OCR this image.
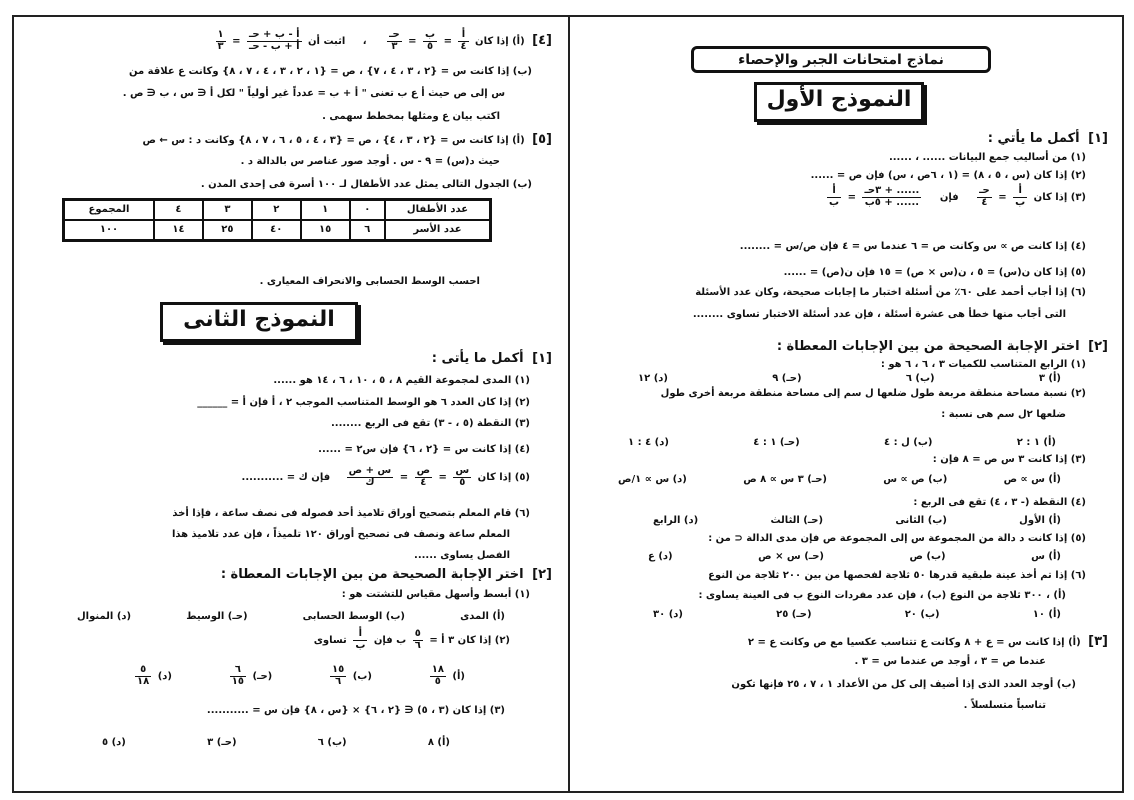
نماذج امتحانات الجبر والإحصاء
النموذج الأول
[١] أكمل ما يأتي :
(١) من أساليب جمع البيانات ...... ، ......
(٢) إذا كان (س ، ٥ ، ٨) = (١ ، ٦ص ، س) فإن ص = ......
(٣) إذا كان
$\frac{\text{أ}}{\text{ب}}$
=
$\frac{\text{حـ}}{٤}$
فإن
$\frac{\text{...... + ٣حـ}}{\text{...... + ٥ب}}$
=
$\frac{\text{أ}}{\text{ب}}$
(٤) إذا كانت ص ∝ س وكانت ص = ٦ عندما س = ٤ فإن ص/س = ........
(٥) إذا كان ن(س) = ٥ ، ن(س × ص) = ١٥ فإن ن(ص) = ......
(٦) إذا أجاب أحمد على ٦٠٪ من أسئلة اختبار ما إجابات صحيحة، وكان عدد الأسئلة
التى أجاب منها خطأ هى عشرة أسئلة ، فإن عدد أسئلة الاختبار تساوى ........
[٢] اختر الإجابة الصحيحة من بين الإجابات المعطاة :
(١) الرابع المتناسب للكميات ٣ ، ٦ ، ٦ هو :
(أ) ٣
(ب) ٦
(حـ) ٩
(د) ١٢
(٢) نسبة مساحة منطقة مربعة طول ضلعها ل سم إلى مساحة منطقة مربعة أخرى طول
ضلعها ٢ل سم هى نسبة :
(أ) ١ : ٢
(ب) ل : ٤
(حـ) ١ : ٤
(د) ٤ : ١
(٣) إذا كانت ٣ س ص = ٨ فإن :
(أ) س ∝ ص
(ب) ص ∝ س
(حـ) ٣ س ∝ ٨ ص
(د) س ∝ ١/ص
(٤) النقطة (- ٣ ، ٤) تقع فى الربع :
(أ) الأول
(ب) الثانى
(حـ) الثالث
(د) الرابع
(٥) إذا كانت د دالة من المجموعة س إلى المجموعة ص فإن مدى الدالة ⊂ من :
(أ) س
(ب) ص
(حـ) س × ص
(د) ع
(٦) إذا تم أخذ عينة طبقية قدرها ٥٠ ثلاجة لفحصها من بين ٢٠٠ ثلاجة من النوع
(أ) ، ٣٠٠ ثلاجة من النوع (ب) ، فإن عدد مفردات النوع ب فى العينة يساوى :
(أ) ١٠
(ب) ٢٠
(حـ) ٢٥
(د) ٣٠
[٣] (أ) إذا كانت س = ع + ٨ وكانت ع تتناسب عكسيا مع ص وكانت ع = ٢
عندما ص = ٣ ، أوجد ص عندما س = ٣ .
(ب) أوجد العدد الذى إذا أضيف إلى كل من الأعداد ١ ، ٧ ، ٢٥ فإنها تكون
تناسباً متسلسلاً .
[٤] (أ) إذا كان
$\frac{\text{أ}}{٤}$
=
$\frac{\text{ب}}{٥}$
=
$\frac{\text{حـ}}{٣}$
، اثبت أن
$\frac{\text{أ - ب + حـ}}{\text{أ + ب - حـ}}$
=
$\frac{١}{٣}$
(ب) إذا كانت س = {٢ ، ٣ ، ٤ ، ٧} ، ص = {١ ، ٢ ، ٣ ، ٤ ، ٧ ، ٨} وكانت ع علاقة من
س إلى ص حيث أ ع ب تعنى " أ + ب = عدداً غير أولياً " لكل أ ∈ س ، ب ∈ ص .
اكتب بيان ع ومثلها بمخطط سهمى .
[٥] (أ) إذا كانت س = {٢ ، ٣ ، ٤} ، ص = {٣ ، ٤ ، ٥ ، ٦ ، ٧ ، ٨} وكانت د : س ← ص
حيث د(س) = ٩ - س . أوجد صور عناصر س بالدالة د .
(ب) الجدول التالى يمثل عدد الأطفال لـ ١٠٠ أسرة فى إحدى المدن .
عدد الأطفال	٠	١	٢	٣	٤	المجموع
عدد الأسر	٦	١٥	٤٠	٢٥	١٤	١٠٠
احسب الوسط الحسابى والانحراف المعيارى .
النموذج الثانى
[١] أكمل ما يأتى :
(١) المدى لمجموعة القيم ٨ ، ٥ ، ١٠ ، ٦ ، ١٤ هو ......
(٢) إذا كان العدد ٦ هو الوسط المتناسب الموجب ٢ ، أ فإن أ = ______
(٣) النقطة (٥ ، - ٣) تقع فى الربع ........
(٤) إذا كانت س = {٢ ، ٦} فإن س٢ = ......
(٥) إذا كان
$\frac{\text{س}}{٥}$
=
$\frac{\text{ص}}{٤}$
=
$\frac{\text{س + ص}}{\text{ك}}$
فإن ك = ...........
(٦) قام المعلم بتصحيح أوراق تلاميذ أحد فصوله فى نصف ساعة ، فإذا أخذ
المعلم ساعة ونصف فى تصحيح أوراق ١٢٠ تلميذاً ، فإن عدد تلاميذ هذا
الفصل يساوى ......
[٢] اختر الإجابة الصحيحة من بين الإجابات المعطاة :
(١) أبسط وأسهل مقياس للتشتت هو :
(أ) المدى
(ب) الوسط الحسابى
(حـ) الوسيط
(د) المنوال
(٢) إذا كان ٣ أ =
$\frac{٥}{٦}$
ب فإن
$\frac{\text{أ}}{\text{ب}}$
تساوى
(أ)
$\frac{١٨}{٥}$
(ب)
$\frac{١٥}{٦}$
(حـ)
$\frac{٦}{١٥}$
(د)
$\frac{٥}{١٨}$
(٣) إذا كان (٣ ، ٥) ∈ {٢ ، ٦} × {س ، ٨} فإن س = ...........
(أ) ٨
(ب) ٦
(حـ) ٣
(د) ٥
